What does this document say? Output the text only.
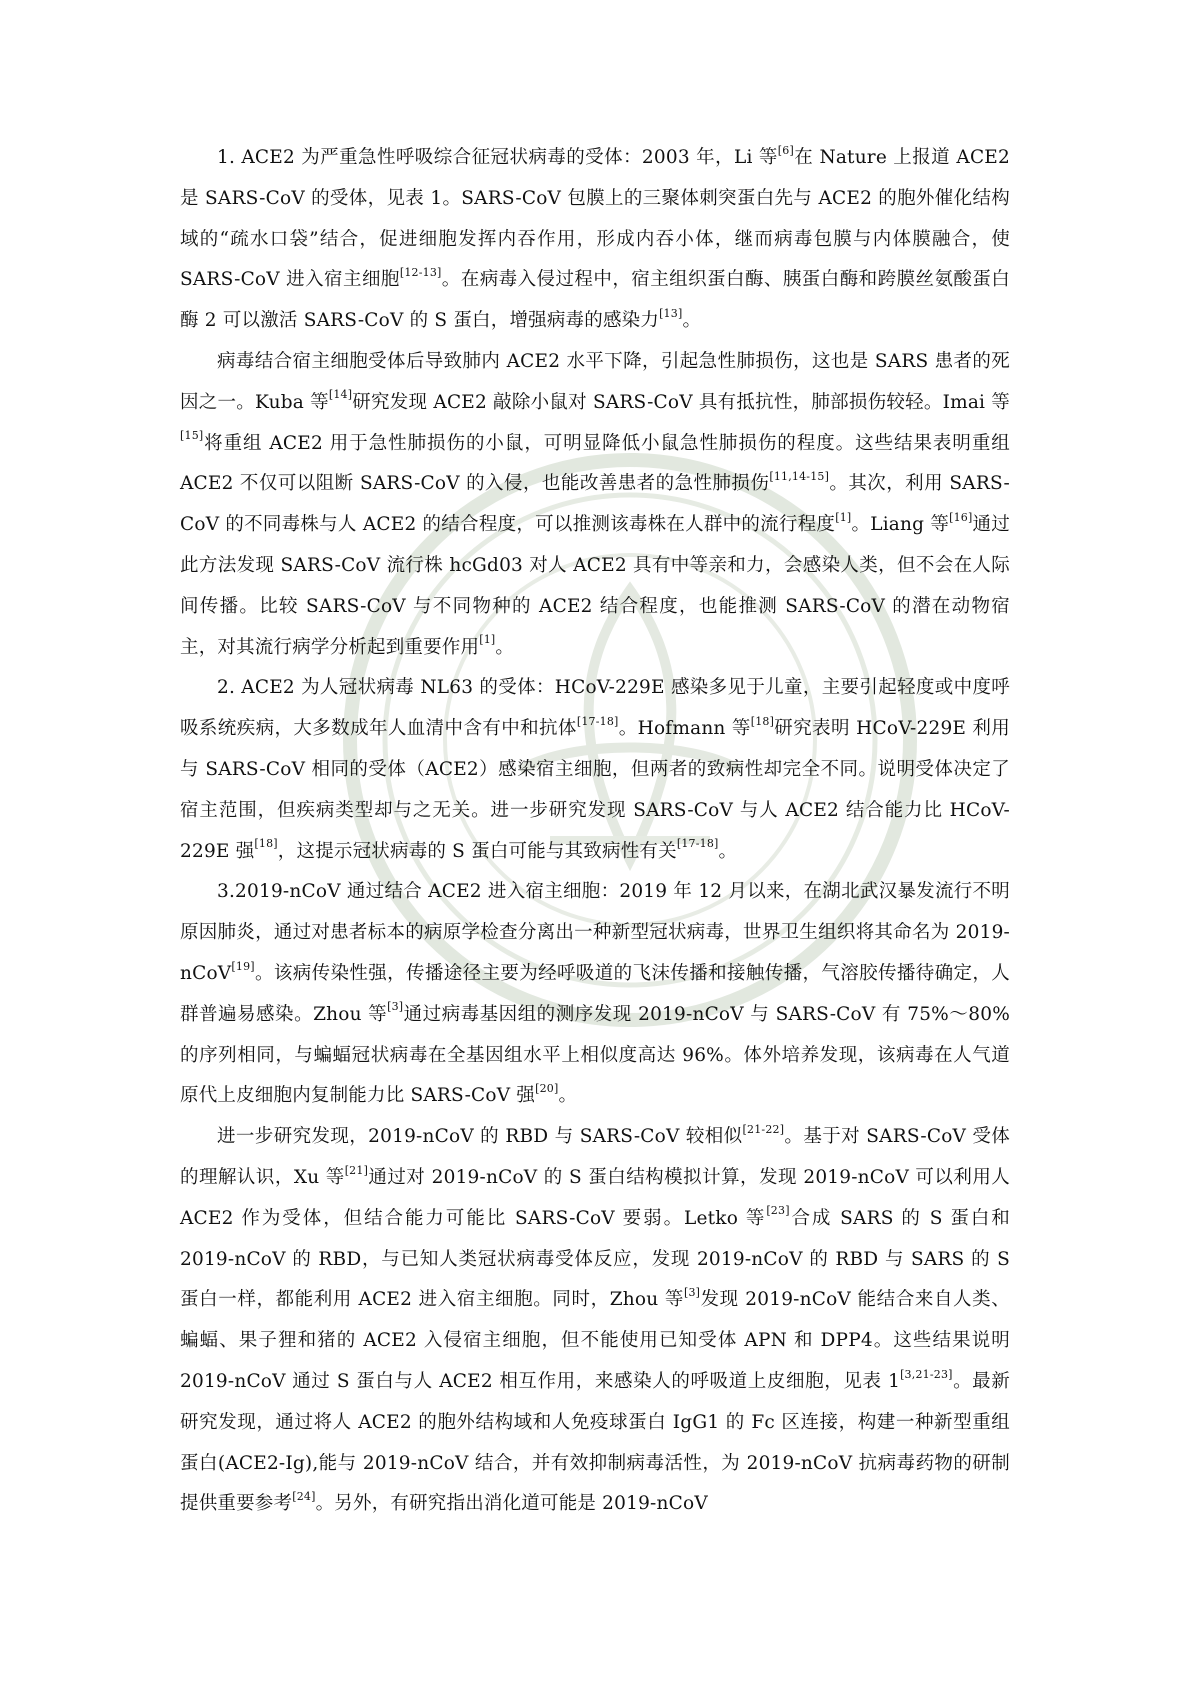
1. ACE2 为严重急性呼吸综合征冠状病毒的受体：2003 年，Li 等[6]在 Nature 上报道 ACE2 是 SARS-CoV 的受体，见表 1。SARS-CoV 包膜上的三聚体刺突蛋白先与 ACE2 的胞外催化结构域的“疏水口袋”结合，促进细胞发挥内吞作用，形成内吞小体，继而病毒包膜与内体膜融合，使 SARS-CoV 进入宿主细胞[12-13]。在病毒入侵过程中，宿主组织蛋白酶、胰蛋白酶和跨膜丝氨酸蛋白酶 2 可以激活 SARS-CoV 的 S 蛋白，增强病毒的感染力[13]。

病毒结合宿主细胞受体后导致肺内 ACE2 水平下降，引起急性肺损伤，这也是 SARS 患者的死因之一。Kuba 等[14]研究发现 ACE2 敲除小鼠对 SARS-CoV 具有抵抗性，肺部损伤较轻。Imai 等[15]将重组 ACE2 用于急性肺损伤的小鼠，可明显降低小鼠急性肺损伤的程度。这些结果表明重组 ACE2 不仅可以阻断 SARS-CoV 的入侵，也能改善患者的急性肺损伤[11,14-15]。其次，利用 SARS-CoV 的不同毒株与人 ACE2 的结合程度，可以推测该毒株在人群中的流行程度[1]。Liang 等[16]通过此方法发现 SARS-CoV 流行株 hcGd03 对人 ACE2 具有中等亲和力，会感染人类，但不会在人际间传播。比较 SARS-CoV 与不同物种的 ACE2 结合程度，也能推测 SARS-CoV 的潜在动物宿主，对其流行病学分析起到重要作用[1]。

2. ACE2 为人冠状病毒 NL63 的受体：HCoV-229E 感染多见于儿童，主要引起轻度或中度呼吸系统疾病，大多数成年人血清中含有中和抗体[17-18]。Hofmann 等[18]研究表明 HCoV-229E 利用与 SARS-CoV 相同的受体（ACE2）感染宿主细胞，但两者的致病性却完全不同。说明受体决定了宿主范围，但疾病类型却与之无关。进一步研究发现 SARS-CoV 与人 ACE2 结合能力比 HCoV-229E 强[18]，这提示冠状病毒的 S 蛋白可能与其致病性有关[17-18]。

3.2019-nCoV 通过结合 ACE2 进入宿主细胞：2019 年 12 月以来，在湖北武汉暴发流行不明原因肺炎，通过对患者标本的病原学检查分离出一种新型冠状病毒，世界卫生组织将其命名为 2019-nCoV[19]。该病传染性强，传播途径主要为经呼吸道的飞沫传播和接触传播，气溶胶传播待确定，人群普遍易感染。Zhou 等[3]通过病毒基因组的测序发现 2019-nCoV 与 SARS-CoV 有 75%～80%的序列相同，与蝙蝠冠状病毒在全基因组水平上相似度高达 96%。体外培养发现，该病毒在人气道原代上皮细胞内复制能力比 SARS-CoV 强[20]。

进一步研究发现，2019-nCoV 的 RBD 与 SARS-CoV 较相似[21-22]。基于对 SARS-CoV 受体的理解认识，Xu 等[21]通过对 2019-nCoV 的 S 蛋白结构模拟计算，发现 2019-nCoV 可以利用人 ACE2 作为受体，但结合能力可能比 SARS-CoV 要弱。Letko 等[23]合成 SARS 的 S 蛋白和 2019-nCoV 的 RBD，与已知人类冠状病毒受体反应，发现 2019-nCoV 的 RBD 与 SARS 的 S 蛋白一样，都能利用 ACE2 进入宿主细胞。同时，Zhou 等[3]发现 2019-nCoV 能结合来自人类、蝙蝠、果子狸和猪的 ACE2 入侵宿主细胞，但不能使用已知受体 APN 和 DPP4。这些结果说明 2019-nCoV 通过 S 蛋白与人 ACE2 相互作用，来感染人的呼吸道上皮细胞，见表 1[3,21-23]。最新研究发现，通过将人 ACE2 的胞外结构域和人免疫球蛋白 IgG1 的 Fc 区连接，构建一种新型重组蛋白(ACE2-Ig),能与 2019-nCoV 结合，并有效抑制病毒活性，为 2019-nCoV 抗病毒药物的研制提供重要参考[24]。另外，有研究指出消化道可能是 2019-nCoV
